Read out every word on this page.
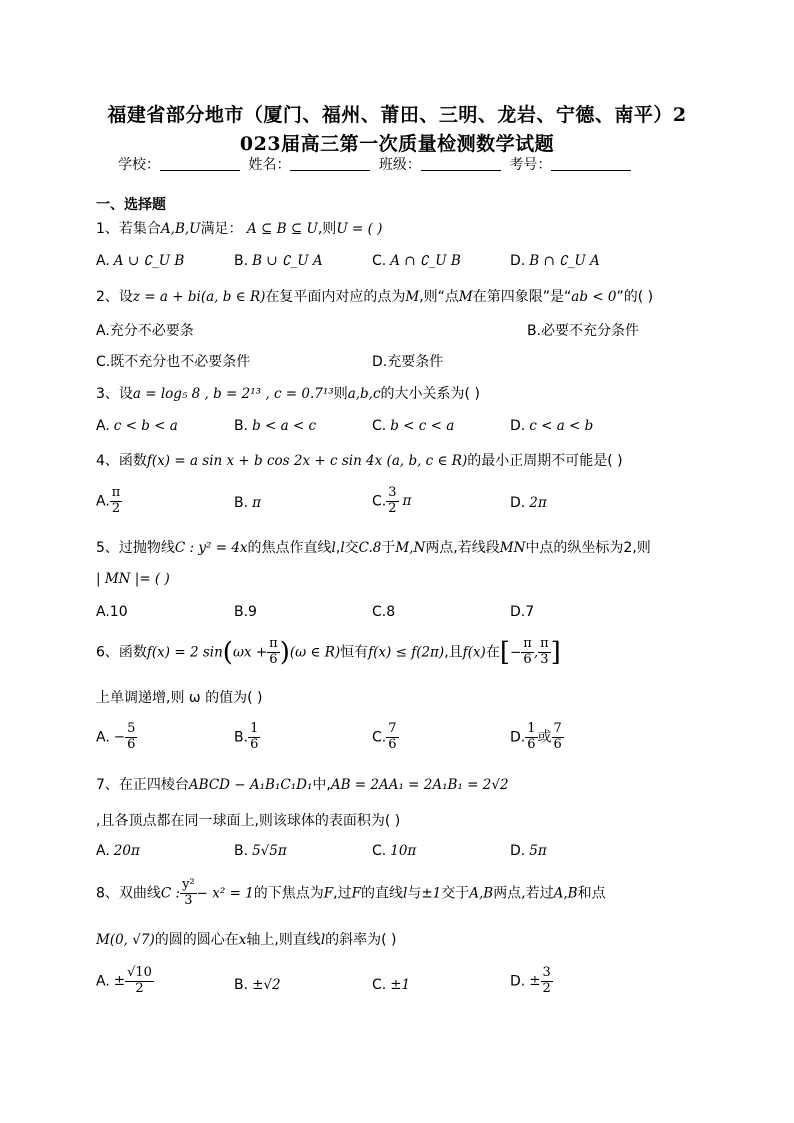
福建省部分地市（厦门、福州、莆田、三明、龙岩、宁德、南平）2
023届高三第一次质量检测数学试题
学校：	姓名：	班级：	考号：
一、选择题
1、若集合A,B,U满足： A ⊆ B ⊆ U,则U = ( )
A. A ∪ ∁_U B	B. B ∪ ∁_U A	C. A ∩ ∁_U B	D. B ∩ ∁_U A
2、设z = a + bi(a, b ∈ R)在复平面内对应的点为M,则“点M在第四象限”是“ab < 0”的( )
A.充分不必要条	B.必要不充分条件
C.既不充分也不必要条件	D.充要条件
3、设a = log₅ 8 , b = 2¹³ , c = 0.7¹³则a,b,c的大小关系为( )
A. c < b < a	B. b < a < c	C. b < c < a	D. c < a < b
4、函数f(x) = a sin x + b cos 2x + c sin 4x (a, b, c ∈ R)的最小正周期不可能是( )
A. $\frac{\pi}{2}$	B. π	C. $\frac{3}{2}$ π	D. 2π
5、过抛物线C : y² = 4x的焦点作直线l,l交C.8于M,N两点,若线段MN中点的纵坐标为2,则
| MN |= ( )
A.10	B.9	C.8	D.7
6、函数f(x) = 2 $\sin(\omega x + \frac{\pi}{6} )(\omega$ ∈ R)恒有f(x) ≤ f(2π),且f(x)在[− $\frac{\pi}{6}$ , $\frac{\pi}{3}$ ]
上单调递增,则 ω 的值为( )
A. − $\frac{5}{6}$	B. $\frac{1}{6}$	C. $\frac{7}{6}$	D. $\frac{1}{6}$ 或 $\frac{7}{6}$
7、在正四棱台ABCD − A₁B₁C₁D₁中,AB = 2AA₁ = 2A₁B₁ = 2√2
,且各顶点都在同一球面上,则该球体的表面积为( )
A. 20π	B. 5√5π	C. 10π	D. 5π
8、双曲线C : $\frac{\text{y²}}{3} - x^2 = 1$的下焦点为F,过F的直线l与±1交于A,B两点,若过A,B和点
M(0, √7)的圆的圆心在x轴上,则直线l的斜率为( )
A. ± $\frac{√10}{2}$	B. ±√2	C. ±1	D. ± $\frac{3}{2}$
